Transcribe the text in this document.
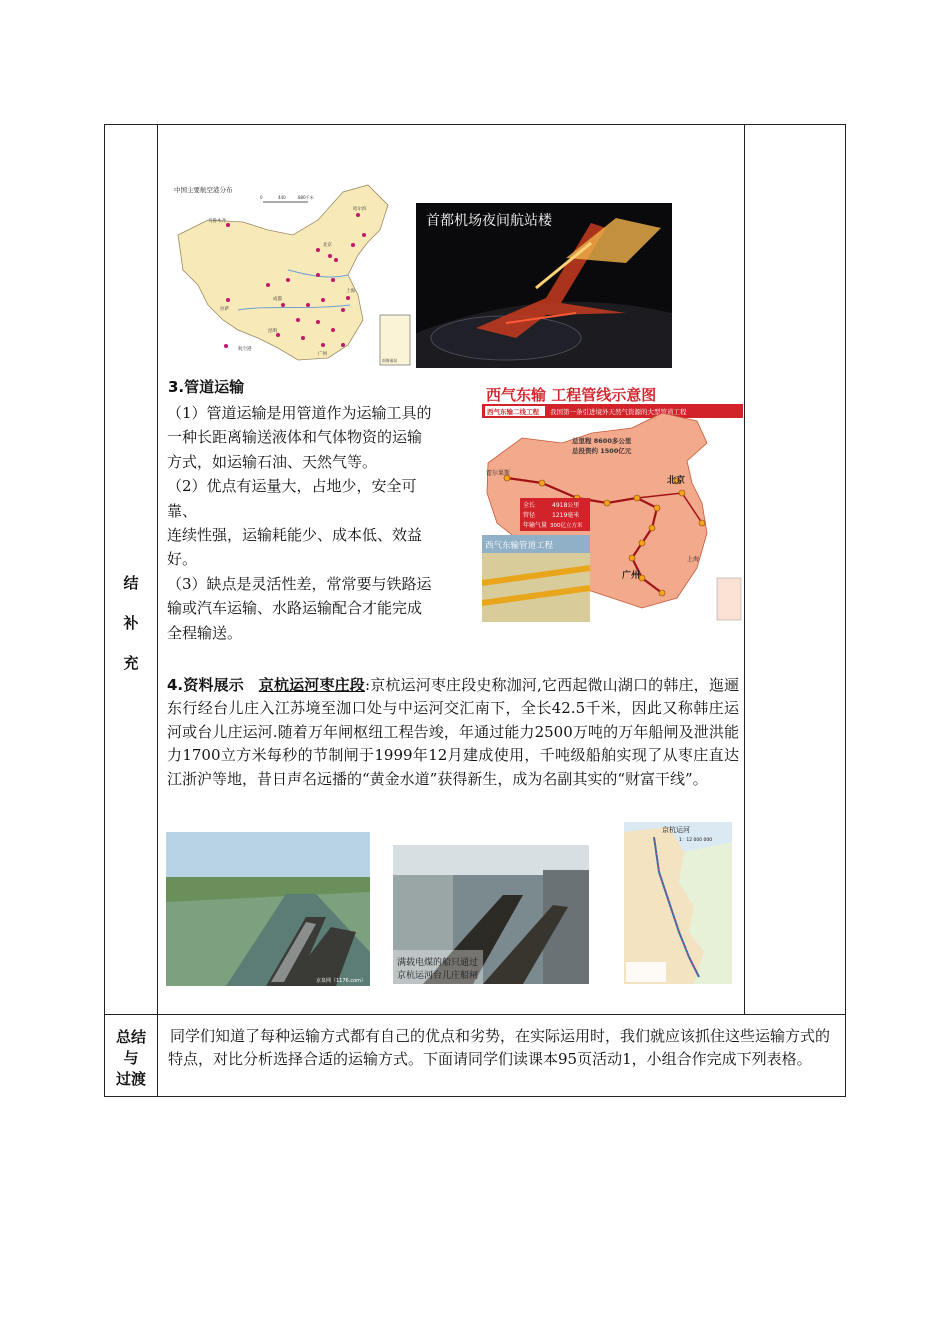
结
补
充
总结
与
过渡
中国主要航空港分布
0	440	880千米
乌鲁木齐
哈尔滨
北京
拉萨
成都
昆明
上海
广州
航空港
南海诸岛
首都机场夜间航站楼
3.管道运输

（1）管道运输是用管道作为运输工具的

一种长距离输送液体和气体物资的运输

方式，如运输石油、天然气等。

（2）优点有运量大，占地少，安全可

靠、

连续性强，运输耗能少、成本低、效益

好。

（3）缺点是灵活性差，常常要与铁路运

输或汽车运输、水路运输配合才能完成

全程输送。

西气东输 工程管线示意图
西气东输二线工程 我国第一条引进境外天然气资源的大型管道工程
总里程 8600多公里
总投资约 1500亿元
全长	4918公里
管径	1219毫米
年输气量 300亿立方米
霍尔果斯
北京
广州
上海
西气东输管道工程
4.资料展示 京杭运河枣庄段:京杭运河枣庄段史称泇河,它西起微山湖口的韩庄，迤逦东行经台儿庄入江苏境至泇口处与中运河交汇南下，全长42.5千米，因此又称韩庄运河或台儿庄运河.随着万年闸枢纽工程告竣，年通过能力2500万吨的万年船闸及泄洪能力1700立方米每秒的节制闸于1999年12月建成使用，千吨级船舶实现了从枣庄直达江浙沪等地，昔日声名远播的“黄金水道”获得新生，成为名副其实的“财富干线”。
京泉网（1176.com）
满载电煤的船只通过
京杭运河台儿庄船闸
京杭运河
1：12 000 000
同学们知道了每种运输方式都有自己的优点和劣势，在实际运用时，我们就应该抓住这些运输方式的特点，对比分析选择合适的运输方式。下面请同学们读课本95页活动1，小组合作完成下列表格。
